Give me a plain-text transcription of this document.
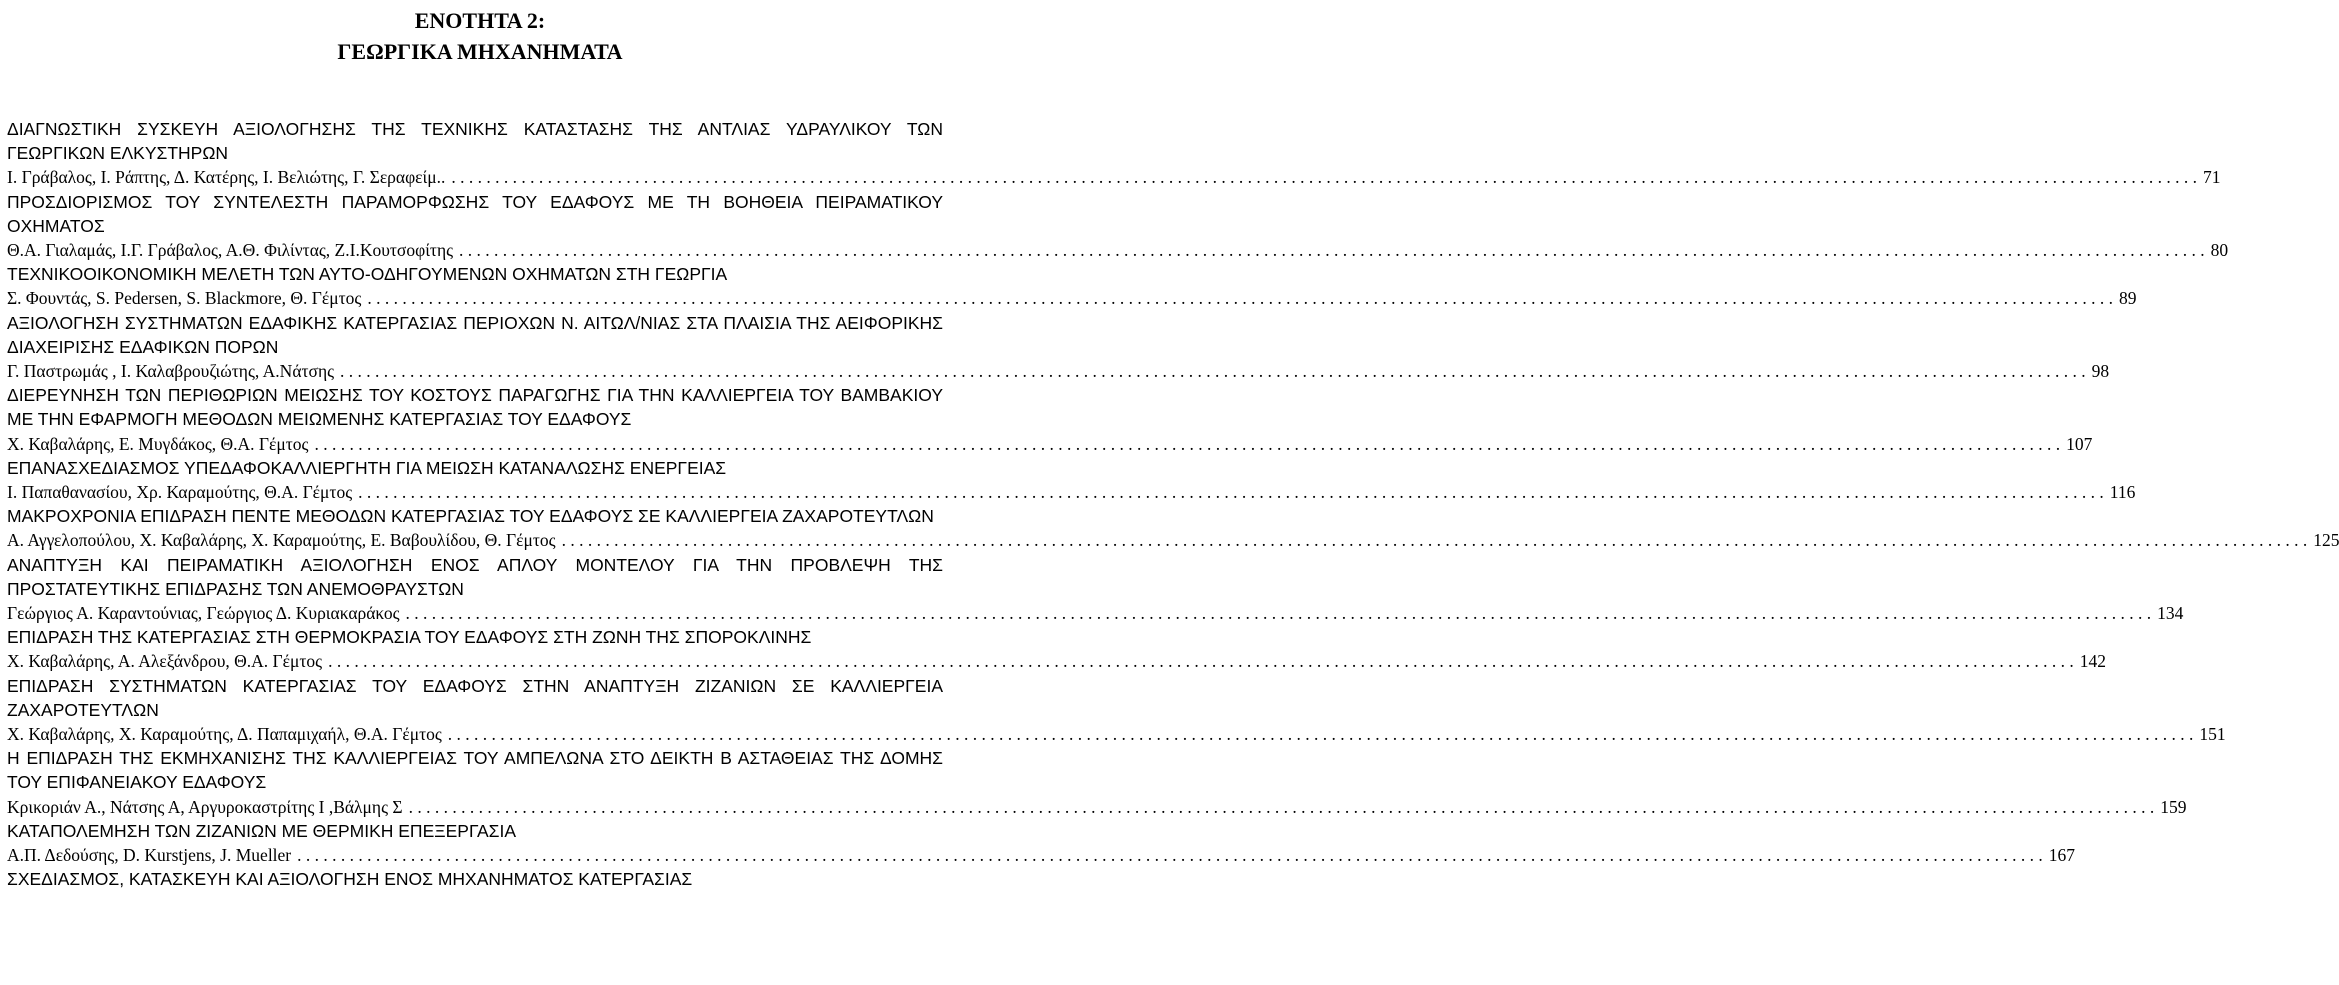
ΕΝΟΤΗΤΑ 2:
ΓΕΩΡΓΙΚΑ ΜΗΧΑΝΗΜΑΤΑ

ΔΙΑΓΝΩΣΤΙΚΗ ΣΥΣΚΕΥΗ ΑΞΙΟΛΟΓΗΣΗΣ ΤΗΣ ΤΕΧΝΙΚΗΣ ΚΑΤΑΣΤΑΣΗΣ ΤΗΣ ΑΝΤΛΙΑΣ ΥΔΡΑΥΛΙΚΟΥ ΤΩΝ ΓΕΩΡΓΙΚΩΝ ΕΛΚΥΣΤΗΡΩΝ

Ι. Γράβαλος, Ι. Ράπτης, Δ. Κατέρης, Ι. Βελιώτης, Γ. Σεραφείμ.. . . . . . . . . . . . . . . . . . . . . . . . . . . . . . . . . . . . . . . . . . . . . . . . . . . . . . . . . . . . . . . . . . . . . . . . . . . . . . . . . . . . . . . . . . . . . . . . . . . . . . . . . . . . . . . . . . . . . . . . . . . . . . . . . . . . . . . . . . . . . . . . . . . . . . . . . . . . . . . . . . . . . . . . . . . . . . . . . . . . . . . . . . . . . . . . . . . . . . . . . 71

ΠΡΟΣΔΙΟΡΙΣΜΟΣ ΤΟΥ ΣΥΝΤΕΛΕΣΤΗ ΠΑΡΑΜΟΡΦΩΣΗΣ ΤΟΥ ΕΔΑΦΟΥΣ ΜΕ ΤΗ ΒΟΗΘΕΙΑ ΠΕΙΡΑΜΑΤΙΚΟΥ ΟΧΗΜΑΤΟΣ

Θ.Α. Γιαλαμάς, Ι.Γ. Γράβαλος, Α.Θ. Φιλίντας, Ζ.Ι.Κουτσοφίτης . . . . . . . . . . . . . . . . . . . . . . . . . . . . . . . . . . . . . . . . . . . . . . . . . . . . . . . . . . . . . . . . . . . . . . . . . . . . . . . . . . . . . . . . . . . . . . . . . . . . . . . . . . . . . . . . . . . . . . . . . . . . . . . . . . . . . . . . . . . . . . . . . . . . . . . . . . . . . . . . . . . . . . . . . . . . . . . . . . . . . . . . . . . . . . . . . . . . . . . . 80

ΤΕΧΝΙΚΟΟΙΚΟΝΟΜΙΚΗ ΜΕΛΕΤΗ ΤΩΝ ΑΥΤΟ-ΟΔΗΓΟΥΜΕΝΩΝ ΟΧΗΜΑΤΩΝ ΣΤΗ ΓΕΩΡΓΙΑ

Σ. Φουντάς, S. Pedersen, S. Blackmore, Θ. Γέμτος . . . . . . . . . . . . . . . . . . . . . . . . . . . . . . . . . . . . . . . . . . . . . . . . . . . . . . . . . . . . . . . . . . . . . . . . . . . . . . . . . . . . . . . . . . . . . . . . . . . . . . . . . . . . . . . . . . . . . . . . . . . . . . . . . . . . . . . . . . . . . . . . . . . . . . . . . . . . . . . . . . . . . . . . . . . . . . . . . . . . . . . . . . . . . . . . . . . . . . . . 89

ΑΞΙΟΛΟΓΗΣΗ ΣΥΣΤΗΜΑΤΩΝ ΕΔΑΦΙΚΗΣ ΚΑΤΕΡΓΑΣΙΑΣ ΠΕΡΙΟΧΩΝ Ν. ΑΙΤΩΛ/ΝΙΑΣ ΣΤΑ ΠΛΑΙΣΙΑ ΤΗΣ ΑΕΙΦΟΡΙΚΗΣ ΔΙΑΧΕΙΡΙΣΗΣ ΕΔΑΦΙΚΩΝ ΠΟΡΩΝ

Γ. Παστρωμάς , Ι. Καλαβρουζιώτης, Α.Νάτσης . . . . . . . . . . . . . . . . . . . . . . . . . . . . . . . . . . . . . . . . . . . . . . . . . . . . . . . . . . . . . . . . . . . . . . . . . . . . . . . . . . . . . . . . . . . . . . . . . . . . . . . . . . . . . . . . . . . . . . . . . . . . . . . . . . . . . . . . . . . . . . . . . . . . . . . . . . . . . . . . . . . . . . . . . . . . . . . . . . . . . . . . . . . . . . . . . . . . . . . . 98

ΔΙΕΡΕΥΝΗΣΗ ΤΩΝ ΠΕΡΙΘΩΡΙΩΝ ΜΕΙΩΣΗΣ ΤΟΥ ΚΟΣΤΟΥΣ ΠΑΡΑΓΩΓΗΣ ΓΙΑ ΤΗΝ ΚΑΛΛΙΕΡΓΕΙΑ ΤΟΥ ΒΑΜΒΑΚΙΟΥ ΜΕ ΤΗΝ ΕΦΑΡΜΟΓΗ ΜΕΘΟΔΩΝ ΜΕΙΩΜΕΝΗΣ ΚΑΤΕΡΓΑΣΙΑΣ ΤΟΥ ΕΔΑΦΟΥΣ

Χ. Καβαλάρης, Ε. Μυγδάκος, Θ.Α. Γέμτος . . . . . . . . . . . . . . . . . . . . . . . . . . . . . . . . . . . . . . . . . . . . . . . . . . . . . . . . . . . . . . . . . . . . . . . . . . . . . . . . . . . . . . . . . . . . . . . . . . . . . . . . . . . . . . . . . . . . . . . . . . . . . . . . . . . . . . . . . . . . . . . . . . . . . . . . . . . . . . . . . . . . . . . . . . . . . . . . . . . . . . . . . . . . . . . . . . . . . . . . 107

ΕΠΑΝΑΣΧΕΔΙΑΣΜΟΣ ΥΠΕΔΑΦΟΚΑΛΛΙΕΡΓΗΤΗ ΓΙΑ ΜΕΙΩΣΗ ΚΑΤΑΝΑΛΩΣΗΣ ΕΝΕΡΓΕΙΑΣ

Ι. Παπαθανασίου, Χρ. Καραμούτης, Θ.Α. Γέμτος . . . . . . . . . . . . . . . . . . . . . . . . . . . . . . . . . . . . . . . . . . . . . . . . . . . . . . . . . . . . . . . . . . . . . . . . . . . . . . . . . . . . . . . . . . . . . . . . . . . . . . . . . . . . . . . . . . . . . . . . . . . . . . . . . . . . . . . . . . . . . . . . . . . . . . . . . . . . . . . . . . . . . . . . . . . . . . . . . . . . . . . . . . . . . . . . . . . . . . . . 116

ΜΑΚΡΟΧΡΟΝΙΑ ΕΠΙΔΡΑΣΗ ΠΕΝΤΕ ΜΕΘΟΔΩΝ ΚΑΤΕΡΓΑΣΙΑΣ ΤΟΥ ΕΔΑΦΟΥΣ ΣΕ ΚΑΛΛΙΕΡΓΕΙΑ ΖΑΧΑΡΟΤΕΥΤΛΩΝ

Α. Αγγελοπούλου, Χ. Καβαλάρης, Χ. Καραμούτης, Ε. Βαβουλίδου, Θ. Γέμτος . . . . . . . . . . . . . . . . . . . . . . . . . . . . . . . . . . . . . . . . . . . . . . . . . . . . . . . . . . . . . . . . . . . . . . . . . . . . . . . . . . . . . . . . . . . . . . . . . . . . . . . . . . . . . . . . . . . . . . . . . . . . . . . . . . . . . . . . . . . . . . . . . . . . . . . . . . . . . . . . . . . . . . . . . . . . . . . . . . . . . . . . . . . . . . . . . . . . . . . . 125

ΑΝΑΠΤΥΞΗ ΚΑΙ ΠΕΙΡΑΜΑΤΙΚΗ ΑΞΙΟΛΟΓΗΣΗ ΕΝΟΣ ΑΠΛΟΥ ΜΟΝΤΕΛΟΥ ΓΙΑ ΤΗΝ ΠΡΟΒΛΕΨΗ ΤΗΣ ΠΡΟΣΤΑΤΕΥΤΙΚΗΣ ΕΠΙΔΡΑΣΗΣ ΤΩΝ ΑΝΕΜΟΘΡΑΥΣΤΩΝ

Γεώργιος Α. Καραντούνιας, Γεώργιος Δ. Κυριακαράκος . . . . . . . . . . . . . . . . . . . . . . . . . . . . . . . . . . . . . . . . . . . . . . . . . . . . . . . . . . . . . . . . . . . . . . . . . . . . . . . . . . . . . . . . . . . . . . . . . . . . . . . . . . . . . . . . . . . . . . . . . . . . . . . . . . . . . . . . . . . . . . . . . . . . . . . . . . . . . . . . . . . . . . . . . . . . . . . . . . . . . . . . . . . . . . . . . . . . . . . . 134

ΕΠΙΔΡΑΣΗ ΤΗΣ ΚΑΤΕΡΓΑΣΙΑΣ ΣΤΗ ΘΕΡΜΟΚΡΑΣΙΑ ΤΟΥ ΕΔΑΦΟΥΣ ΣΤΗ ΖΩΝΗ ΤΗΣ ΣΠΟΡΟΚΛΙΝΗΣ

Χ. Καβαλάρης, Α. Αλεξάνδρου, Θ.Α. Γέμτος . . . . . . . . . . . . . . . . . . . . . . . . . . . . . . . . . . . . . . . . . . . . . . . . . . . . . . . . . . . . . . . . . . . . . . . . . . . . . . . . . . . . . . . . . . . . . . . . . . . . . . . . . . . . . . . . . . . . . . . . . . . . . . . . . . . . . . . . . . . . . . . . . . . . . . . . . . . . . . . . . . . . . . . . . . . . . . . . . . . . . . . . . . . . . . . . . . . . . . . . 142

ΕΠΙΔΡΑΣΗ ΣΥΣΤΗΜΑΤΩΝ ΚΑΤΕΡΓΑΣΙΑΣ ΤΟΥ ΕΔΑΦΟΥΣ ΣΤΗΝ ΑΝΑΠΤΥΞΗ ΖΙΖΑΝΙΩΝ ΣΕ ΚΑΛΛΙΕΡΓΕΙΑ ΖΑΧΑΡΟΤΕΥΤΛΩΝ

Χ. Καβαλάρης, Χ. Καραμούτης, Δ. Παπαμιχαήλ, Θ.Α. Γέμτος . . . . . . . . . . . . . . . . . . . . . . . . . . . . . . . . . . . . . . . . . . . . . . . . . . . . . . . . . . . . . . . . . . . . . . . . . . . . . . . . . . . . . . . . . . . . . . . . . . . . . . . . . . . . . . . . . . . . . . . . . . . . . . . . . . . . . . . . . . . . . . . . . . . . . . . . . . . . . . . . . . . . . . . . . . . . . . . . . . . . . . . . . . . . . . . . . . . . . . . . 151

Η ΕΠΙΔΡΑΣΗ ΤΗΣ ΕΚΜΗΧΑΝΙΣΗΣ ΤΗΣ ΚΑΛΛΙΕΡΓΕΙΑΣ ΤΟΥ ΑΜΠΕΛΩΝΑ ΣΤΟ ΔΕΙΚΤΗ Β ΑΣΤΑΘΕΙΑΣ ΤΗΣ ΔΟΜΗΣ ΤΟΥ ΕΠΙΦΑΝΕΙΑΚΟΥ ΕΔΑΦΟΥΣ

Κρικοριάν Α., Νάτσης Α, Αργυροκαστρίτης Ι ,Βάλμης Σ . . . . . . . . . . . . . . . . . . . . . . . . . . . . . . . . . . . . . . . . . . . . . . . . . . . . . . . . . . . . . . . . . . . . . . . . . . . . . . . . . . . . . . . . . . . . . . . . . . . . . . . . . . . . . . . . . . . . . . . . . . . . . . . . . . . . . . . . . . . . . . . . . . . . . . . . . . . . . . . . . . . . . . . . . . . . . . . . . . . . . . . . . . . . . . . . . . . . . . . . 159

ΚΑΤΑΠΟΛΕΜΗΣΗ ΤΩΝ ΖΙΖΑΝΙΩΝ ΜΕ ΘΕΡΜΙΚΗ ΕΠΕΞΕΡΓΑΣΙΑ

Α.Π. Δεδούσης, D. Kurstjens, J. Mueller . . . . . . . . . . . . . . . . . . . . . . . . . . . . . . . . . . . . . . . . . . . . . . . . . . . . . . . . . . . . . . . . . . . . . . . . . . . . . . . . . . . . . . . . . . . . . . . . . . . . . . . . . . . . . . . . . . . . . . . . . . . . . . . . . . . . . . . . . . . . . . . . . . . . . . . . . . . . . . . . . . . . . . . . . . . . . . . . . . . . . . . . . . . . . . . . . . . . . . . . 167

ΣΧΕΔΙΑΣΜΟΣ, ΚΑΤΑΣΚΕΥΗ ΚΑΙ ΑΞΙΟΛΟΓΗΣΗ ΕΝΟΣ ΜΗΧΑΝΗΜΑΤΟΣ ΚΑΤΕΡΓΑΣΙΑΣ
